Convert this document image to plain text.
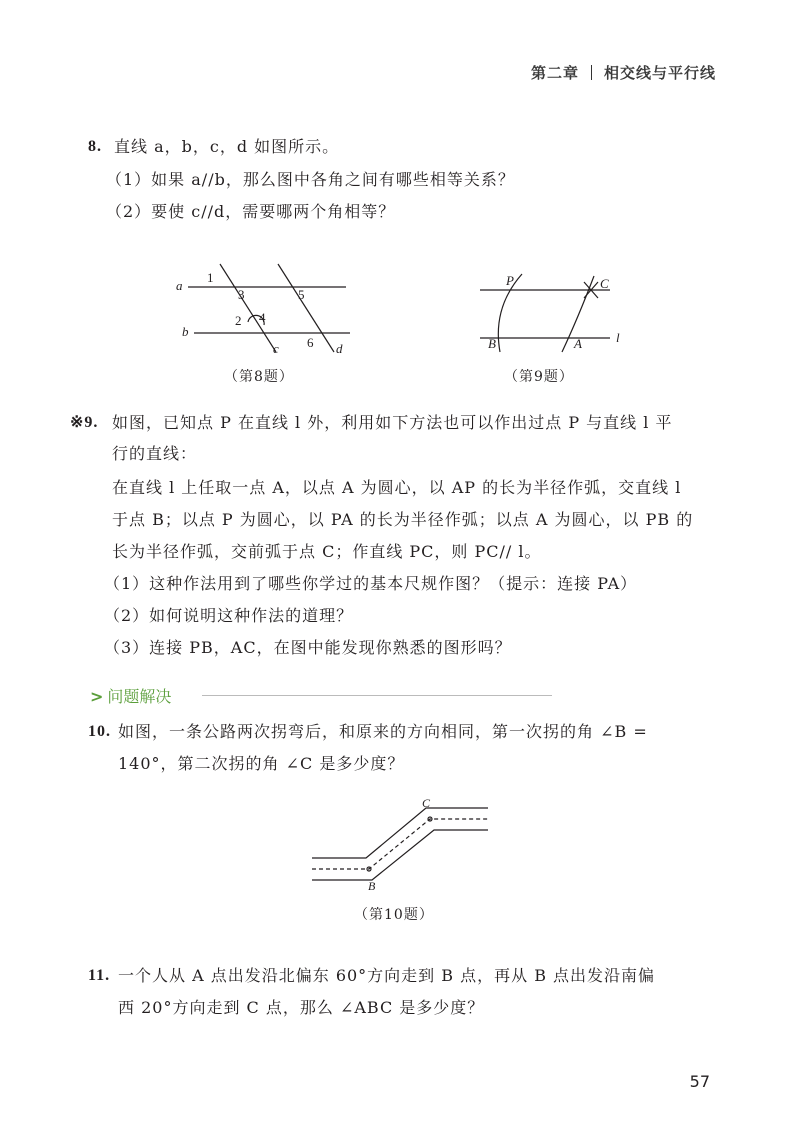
第二章 相交线与平行线
8. 直线 a，b，c，d 如图所示。
（1）如果 a//b，那么图中各角之间有哪些相等关系？
（2）要使 c//d，需要哪两个角相等？
a
b
c	d
1
2
3
4
5
6
（第8题）
P	C
B	A	l
（第9题）
※9. 如图，已知点 P 在直线 l 外，利用如下方法也可以作出过点 P 与直线 l 平
行的直线：
在直线 l 上任取一点 A，以点 A 为圆心，以 AP 的长为半径作弧，交直线 l
于点 B；以点 P 为圆心，以 PA 的长为半径作弧；以点 A 为圆心，以 PB 的
长为半径作弧，交前弧于点 C；作直线 PC，则 PC// l。
（1）这种作法用到了哪些你学过的基本尺规作图？（提示：连接 PA）
（2）如何说明这种作法的道理？
（3）连接 PB，AC，在图中能发现你熟悉的图形吗？
> 问题解决
10. 如图，一条公路两次拐弯后，和原来的方向相同，第一次拐的角 ∠B =
140°，第二次拐的角 ∠C 是多少度？
B
C
（第10题）
11. 一个人从 A 点出发沿北偏东 60°方向走到 B 点，再从 B 点出发沿南偏
西 20°方向走到 C 点，那么 ∠ABC 是多少度？
57
